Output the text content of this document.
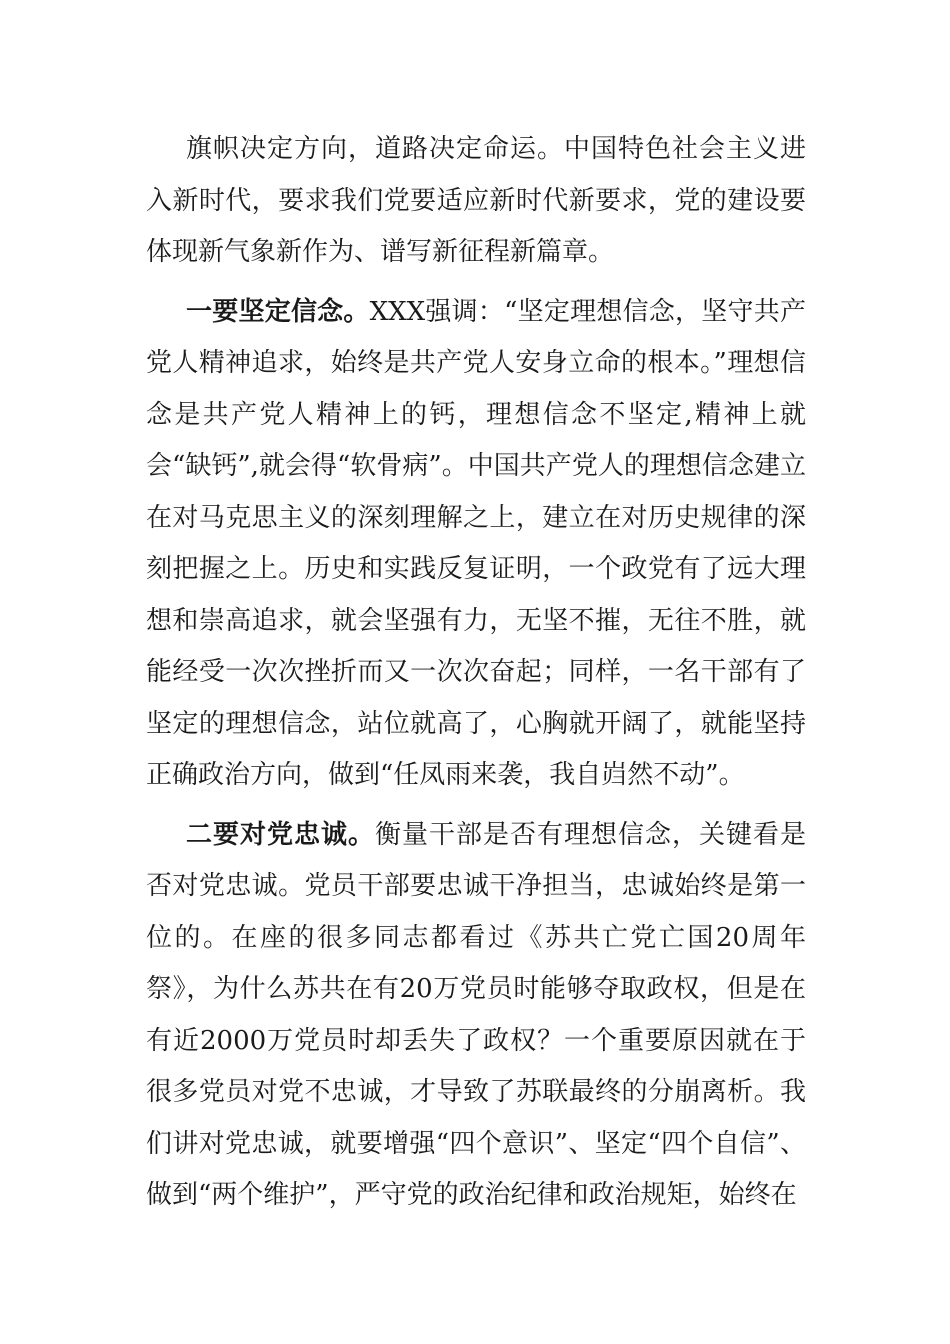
旗帜决定方向，道路决定命运。中国特色社会主义进入新时代，要求我们党要适应新时代新要求，党的建设要体现新气象新作为、谱写新征程新篇章。

一要坚定信念。XXX强调：“坚定理想信念，坚守共产党人精神追求，始终是共产党人安身立命的根本。”理想信念是共产党人精神上的钙，理想信念不坚定,精神上就会“缺钙”,就会得“软骨病”。中国共产党人的理想信念建立在对马克思主义的深刻理解之上，建立在对历史规律的深刻把握之上。历史和实践反复证明，一个政党有了远大理想和崇高追求，就会坚强有力，无坚不摧，无往不胜，就能经受一次次挫折而又一次次奋起；同样，一名干部有了坚定的理想信念，站位就高了，心胸就开阔了，就能坚持正确政治方向，做到“任凤雨来袭，我自岿然不动”。

二要对党忠诚。衡量干部是否有理想信念，关键看是否对党忠诚。党员干部要忠诚干净担当，忠诚始终是第一位的。在座的很多同志都看过《苏共亡党亡国20周年祭》，为什么苏共在有20万党员时能够夺取政权，但是在有近2000万党员时却丢失了政权？一个重要原因就在于很多党员对党不忠诚，才导致了苏联最终的分崩离析。我们讲对党忠诚，就要增强“四个意识”、坚定“四个自信”、做到“两个维护”，严守党的政治纪律和政治规矩，始终在
